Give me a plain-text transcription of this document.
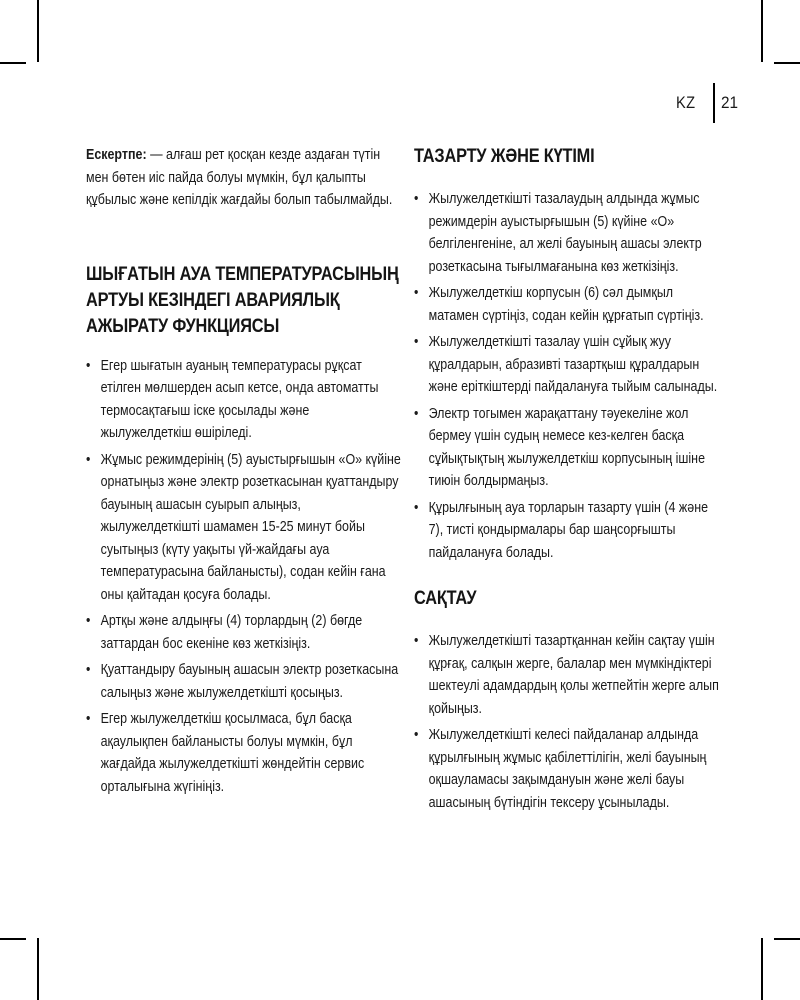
KZ 21

Ескертпе: — алғаш рет қосқан кезде аздаған түтін мен бөтен иіс пайда болуы мүмкін, бұл қалыпты құбылыс және кепілдік жағдайы болып табылмайды.

ШЫҒАТЫН АУА ТЕМПЕРАТУРАСЫНЫҢ АРТУЫ КЕЗІНДЕГІ АВАРИЯЛЫҚ АЖЫРАТУ ФУНКЦИЯСЫ
• Егер шығатын ауаның температурасы рұқсат етілген мөлшерден асып кетсе, онда автоматты термосақтағыш іске қосылады және жылужелдеткіш өшіріледі.
• Жұмыс режимдерінің (5) ауыстырғышын «O» күйіне орнатыңыз және электр розеткасынан қуаттандыру бауының ашасын суырып алыңыз, жылужелдеткішті шамамен 15-25 минут бойы суытыңыз (күту уақыты үй-жайдағы ауа температурасына байланысты), содан кейін ғана оны қайтадан қосуға болады.
• Артқы және алдыңғы (4) торлардың (2) бөгде заттардан бос екеніне көз жеткізіңіз.
• Қуаттандыру бауының ашасын электр розеткасына салыңыз және жылужелдеткішті қосыңыз.
• Егер жылужелдеткіш қосылмаса, бұл басқа ақаулықпен байланысты болуы мүмкін, бұл жағдайда жылужелдеткішті жөндейтін сервис орталығына жүгініңіз.
ТАЗАРТУ ЖӘНЕ КҮТІМІ
• Жылужелдеткішті тазалаудың алдында жұмыс режимдерін ауыстырғышын (5) күйіне «O» белгіленгеніне, ал желі бауының ашасы электр розеткасына тығылмағанына көз жеткізіңіз.
• Жылужелдеткіш корпусын (6) сәл дымқыл матамен сүртіңіз, содан кейін құрғатып сүртіңіз.
• Жылужелдеткішті тазалау үшін сұйық жуу құралдарын, абразивті тазартқыш құралдарын және еріткіштерді пайдалануға тыйым салынады.
• Электр тогымен жарақаттану тәуекеліне жол бермеу үшін судың немесе кез-келген басқа сұйықтықтың жылужелдеткіш корпусының ішіне тиюін болдырмаңыз.
• Құрылғының ауа торларын тазарту үшін (4 және 7), тисті қондырмалары бар шаңсорғышты пайдалануға болады.
САҚТАУ
• Жылужелдеткішті тазартқаннан кейін сақтау үшін құрғақ, салқын жерге, балалар мен мүмкіндіктері шектеулі адамдардың қолы жетпейтін жерге алып қойыңыз.
• Жылужелдеткішті келесі пайдаланар алдында құрылғының жұмыс қабілеттілігін, желі бауының оқшауламасы зақымдануын және желі бауы ашасының бүтіндігін тексеру ұсынылады.
